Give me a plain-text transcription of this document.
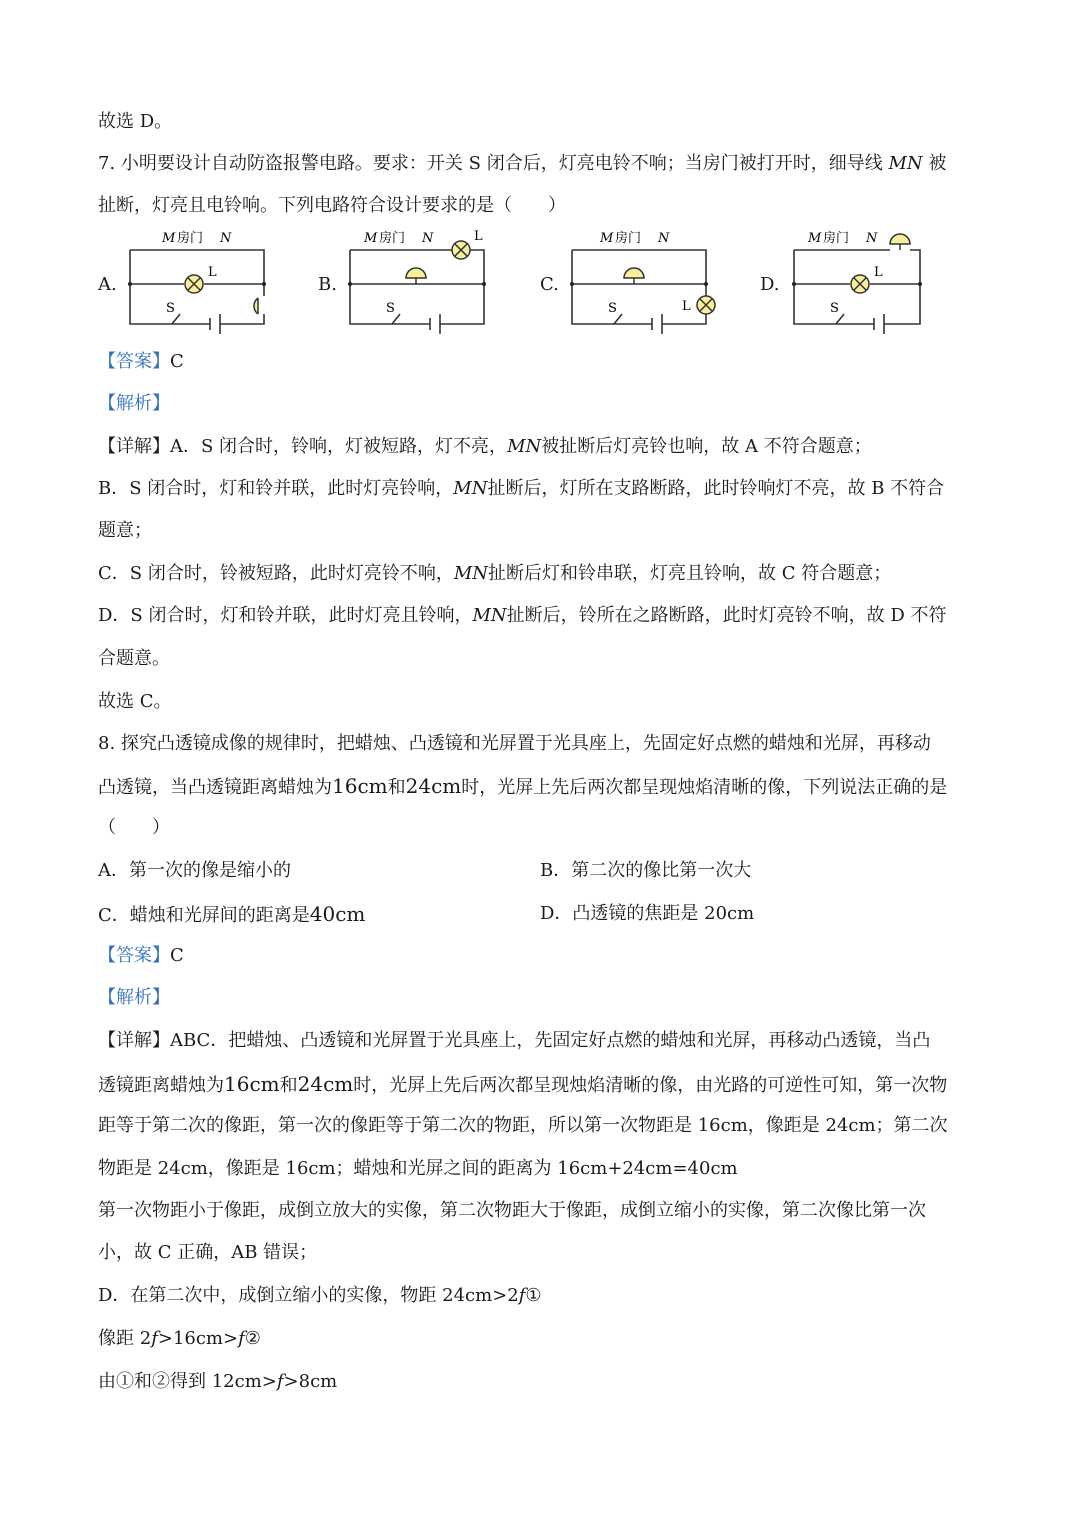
故选 D。
7. 小明要设计自动防盗报警电路。要求：开关 S 闭合后，灯亮电铃不响；当房门被打开时，细导线 MN 被
扯断，灯亮且电铃响。下列电路符合设计要求的是（　　）
A.	B.	C.	D.
M 房门 N
L
S
M 房门 N	L
S
M 房门 N
L
S
M 房门 N
L
S
【答案】C
【解析】
【详解】A．S 闭合时，铃响，灯被短路，灯不亮，MN被扯断后灯亮铃也响，故 A 不符合题意；
B．S 闭合时，灯和铃并联，此时灯亮铃响，MN扯断后，灯所在支路断路，此时铃响灯不亮，故 B 不符合
题意；
C．S 闭合时，铃被短路，此时灯亮铃不响，MN扯断后灯和铃串联，灯亮且铃响，故 C 符合题意；
D．S 闭合时，灯和铃并联，此时灯亮且铃响，MN扯断后，铃所在之路断路，此时灯亮铃不响，故 D 不符
合题意。
故选 C。
8. 探究凸透镜成像的规律时，把蜡烛、凸透镜和光屏置于光具座上，先固定好点燃的蜡烛和光屏，再移动
凸透镜，当凸透镜距离蜡烛为16cm和24cm时，光屏上先后两次都呈现烛焰清晰的像，下列说法正确的是
（　　）
A．第一次的像是缩小的	B．第二次的像比第一次大
C．蜡烛和光屏间的距离是40cm	D．凸透镜的焦距是 20cm
【答案】C
【解析】
【详解】ABC．把蜡烛、凸透镜和光屏置于光具座上，先固定好点燃的蜡烛和光屏，再移动凸透镜，当凸
透镜距离蜡烛为16cm和24cm时，光屏上先后两次都呈现烛焰清晰的像，由光路的可逆性可知，第一次物
距等于第二次的像距，第一次的像距等于第二次的物距，所以第一次物距是 16cm，像距是 24cm；第二次
物距是 24cm，像距是 16cm；蜡烛和光屏之间的距离为 16cm+24cm=40cm
第一次物距小于像距，成倒立放大的实像，第二次物距大于像距，成倒立缩小的实像，第二次像比第一次
小，故 C 正确，AB 错误；
D．在第二次中，成倒立缩小的实像，物距 24cm>2f①
像距 2f>16cm>f②
由①和②得到 12cm>f>8cm
